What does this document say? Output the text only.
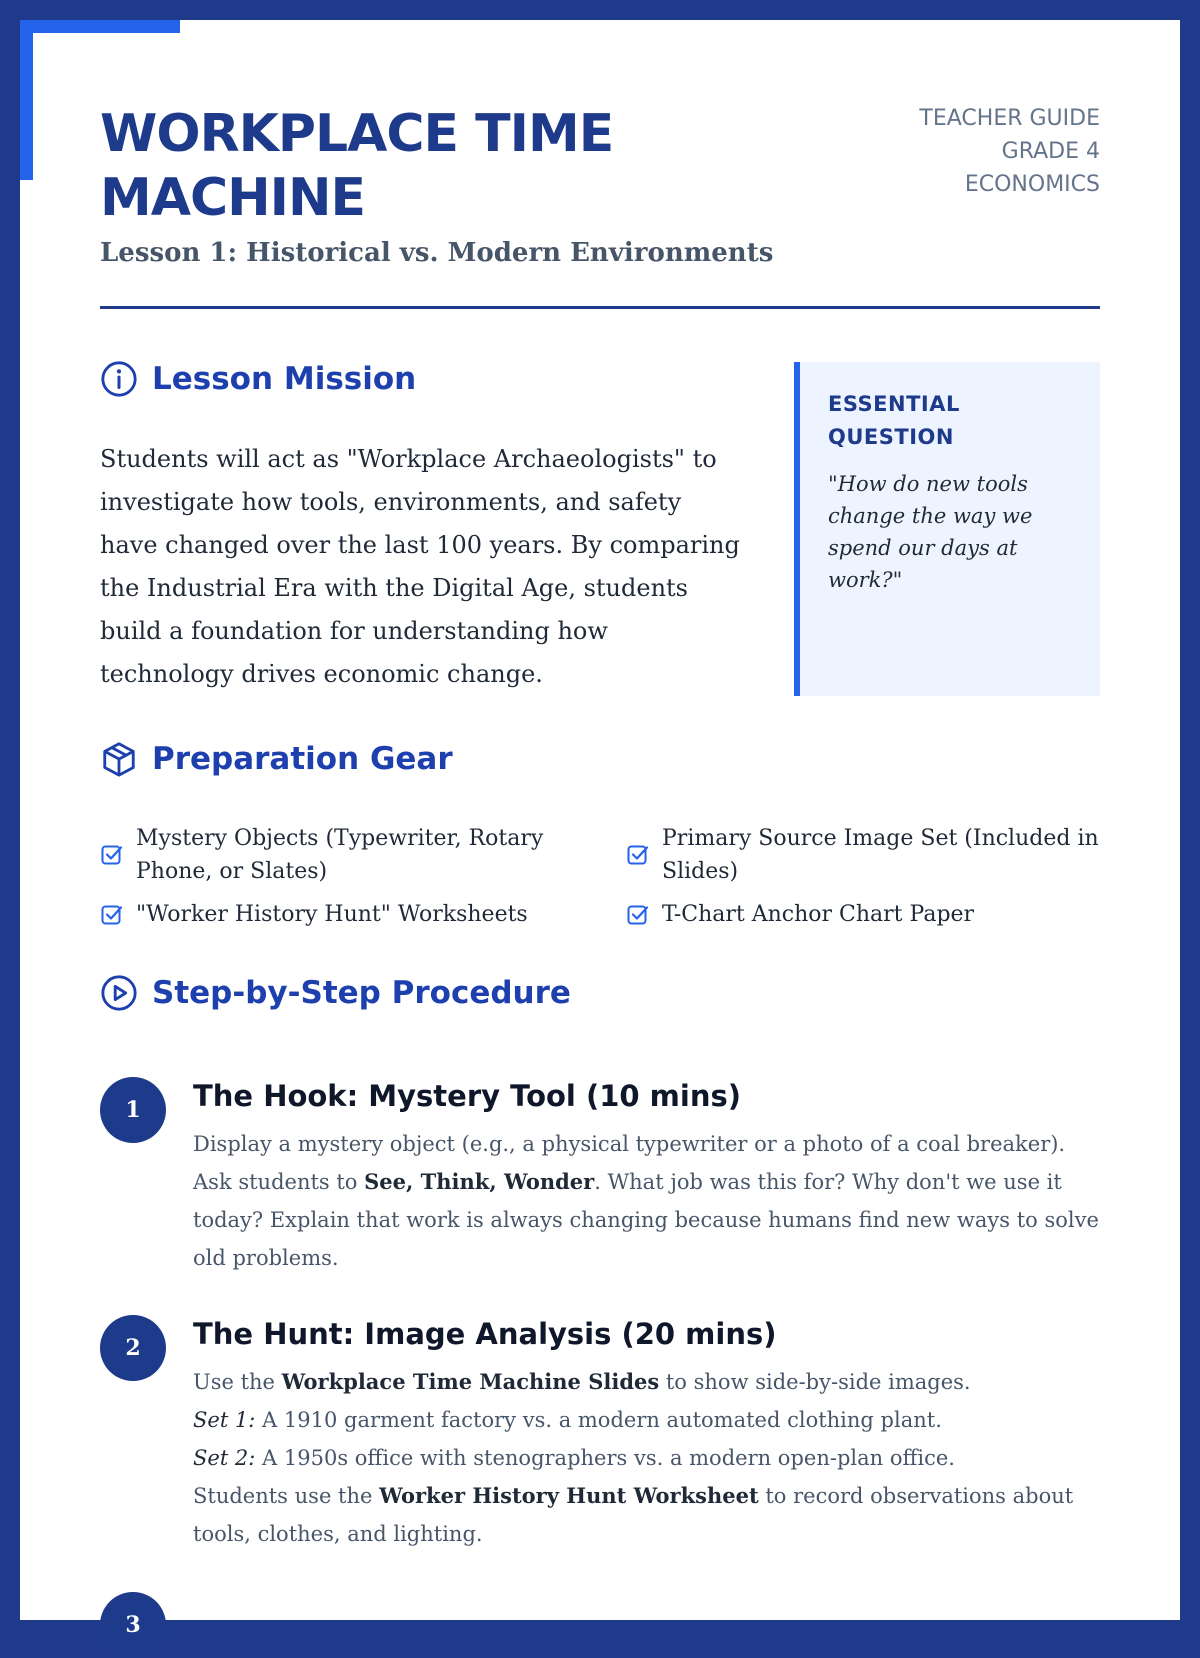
WORKPLACE TIME MACHINE
Lesson 1: Historical vs. Modern Environments
TEACHER GUIDE
GRADE 4
ECONOMICS
Lesson Mission
Students will act as "Workplace Archaeologists" to investigate how tools, environments, and safety have changed over the last 100 years. By comparing the Industrial Era with the Digital Age, students build a foundation for understanding how technology drives economic change.
ESSENTIAL QUESTION
"How do new tools change the way we spend our days at work?"
Preparation Gear
Mystery Objects (Typewriter, Rotary Phone, or Slates)
Primary Source Image Set (Included in Slides)
"Worker History Hunt" Worksheets	T-Chart Anchor Chart Paper
Step-by-Step Procedure
1	The Hook: Mystery Tool (10 mins)
Display a mystery object (e.g., a physical typewriter or a photo of a coal breaker). Ask students to See, Think, Wonder. What job was this for? Why don't we use it today? Explain that work is always changing because humans find new ways to solve old problems.
2	The Hunt: Image Analysis (20 mins)
Use the Workplace Time Machine Slides to show side-by-side images.
Set 1: A 1910 garment factory vs. a modern automated clothing plant.
Set 2: A 1950s office with stenographers vs. a modern open-plan office.
Students use the Worker History Hunt Worksheet to record observations about tools, clothes, and lighting.
3
